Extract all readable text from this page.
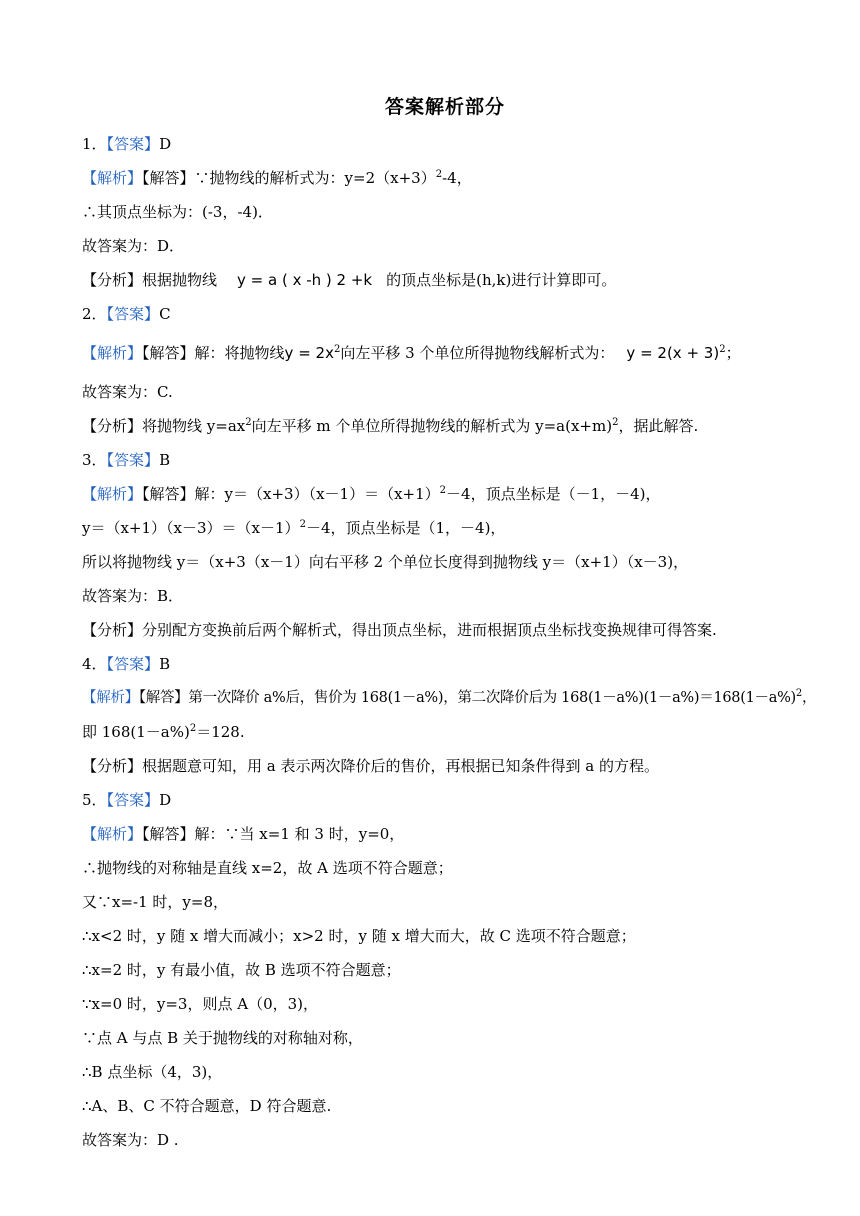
答案解析部分
1．【答案】D
【解析】【解答】∵抛物线的解析式为：$y=2(x+3)^2-4$，
∴其顶点坐标为：(-3，-4)．
故答案为：D．
【分析】根据抛物线 y = a ( x -h ) 2 +k 的顶点坐标是(h,k)进行计算即可。
2．【答案】C
【解析】【解答】解：将抛物线$y = 2x^2$向左平移 3 个单位所得抛物线解析式为： $y = 2(x + 3)^2$；
故答案为：C.
【分析】将抛物线 $y=ax^2$向左平移 m 个单位所得抛物线的解析式为 $y=a(x+m)^2$，据此解答.
3．【答案】B
【解析】【解答】解：$y=(x+3)(x-1)=(x+1)^2-4$，顶点坐标是（－1，－4)，
$y=(x+1)(x-3)=(x-1)^2-4$，顶点坐标是（1，－4)，
所以将抛物线 y＝（x+3（x－1）向右平移 2 个单位长度得到抛物线 y＝（x+1）（x－3)，
故答案为：B．
【分析】分别配方变换前后两个解析式，得出顶点坐标，进而根据顶点坐标找变换规律可得答案.
4．【答案】B
【解析】【解答】第一次降价 a%后，售价为 168(1－a%)，第二次降价后为 $168(1-a\%)(1-a\%)=168(1-a\%)^2$，
即 $168(1-a\%)^2=128$.
【分析】根据题意可知，用 a 表示两次降价后的售价，再根据已知条件得到 a 的方程。
5．【答案】D
【解析】【解答】解：∵当 x=1 和 3 时，y=0，
∴抛物线的对称轴是直线 x=2，故 A 选项不符合题意；
又∵x=-1 时，y=8，
∴x<2 时，y 随 x 增大而减小；x>2 时，y 随 x 增大而大，故 C 选项不符合题意；
∴x=2 时，y 有最小值，故 B 选项不符合题意；
∵x=0 时，y=3，则点 A（0，3)，
∵点 A 与点 B 关于抛物线的对称轴对称，
∴B 点坐标（4，3)，
∴A、B、C 不符合题意，D 符合题意.
故答案为：D .
